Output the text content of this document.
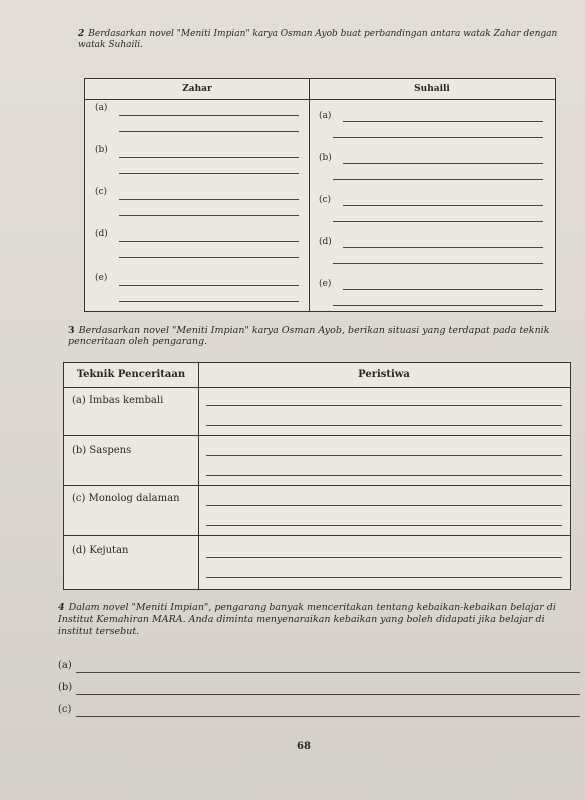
2 Berdasarkan novel "Meniti Impian" karya Osman Ayob buat perbandingan antara watak Zahar dengan watak Suhaili.
Zahar	Suhaili
(a)
(b)
(c)
(d)
(e)
(a)
(b)
(c)
(d)
(e)
3 Berdasarkan novel "Meniti Impian" karya Osman Ayob, berikan situasi yang terdapat pada teknik penceritaan oleh pengarang.
Teknik Penceritaan	Peristiwa
(a) Imbas kembali
(b) Saspens
(c) Monolog dalaman
(d) Kejutan
4 Dalam novel "Meniti Impian", pengarang banyak menceritakan tentang kebaikan-kebaikan belajar di Institut Kemahiran MARA. Anda diminta menyenaraikan kebaikan yang boleh didapati jika belajar di institut tersebut.
(a)
(b)
(c)
68
